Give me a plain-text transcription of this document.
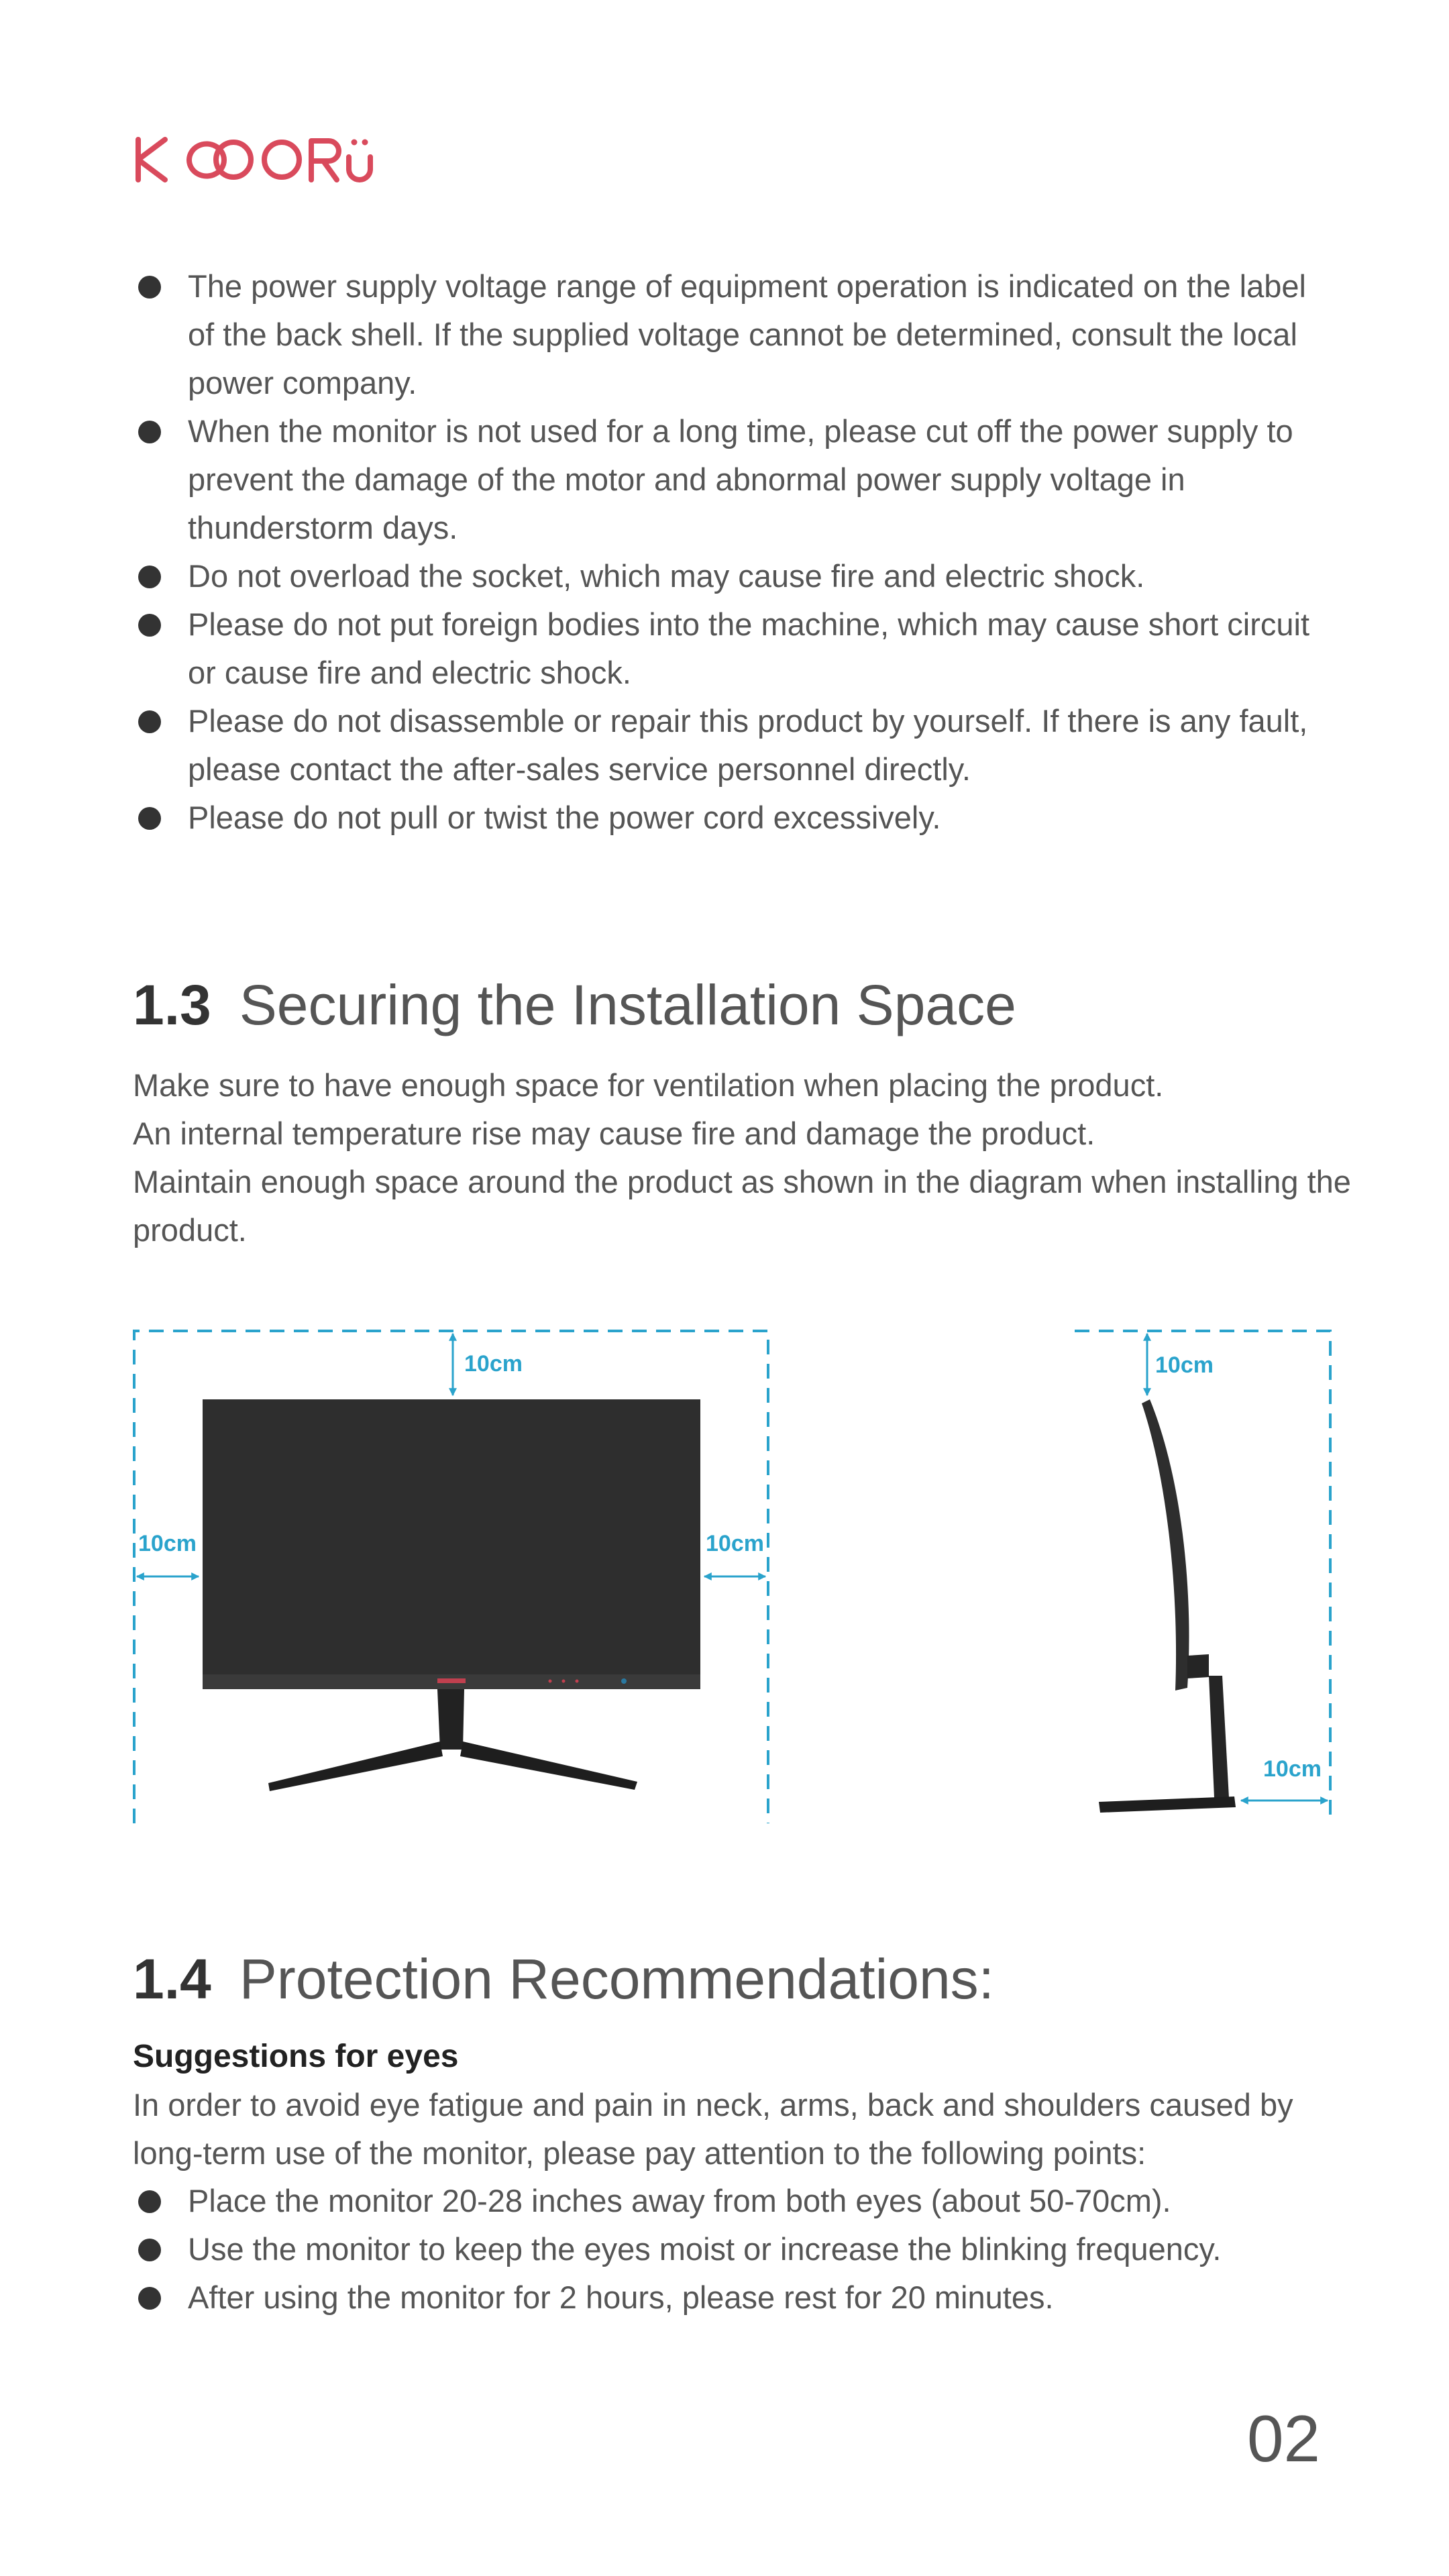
The power supply voltage range of equipment operation is indicated on the label of the back shell. If the supplied voltage cannot be determined, consult the local power company.
When the monitor is not used for a long time, please cut off the power supply to prevent the damage of the motor and abnormal power supply voltage in thunderstorm days.
Do not overload the socket, which may cause fire and electric shock.
Please do not put foreign bodies into the machine, which may cause short circuit or cause fire and electric shock.
Please do not disassemble or repair this product by yourself. If there is any fault, please contact the after-sales service personnel directly.
Please do not pull or twist the power cord excessively.
1.3 Securing the Installation Space

Make sure to have enough space for ventilation when placing the product.
An internal temperature rise may cause fire and damage the product.
Maintain enough space around the product as shown in the diagram when installing the product.

10cm
10cm	10cm
10cm
10cm
1.4 Protection Recommendations:
Suggestions for eyes

In order to avoid eye fatigue and pain in neck, arms, back and shoulders caused by long-term use of the monitor, please pay attention to the following points:

Place the monitor 20-28 inches away from both eyes (about 50-70cm).
Use the monitor to keep the eyes moist or increase the blinking frequency.
After using the monitor for 2 hours, please rest for 20 minutes.
02
